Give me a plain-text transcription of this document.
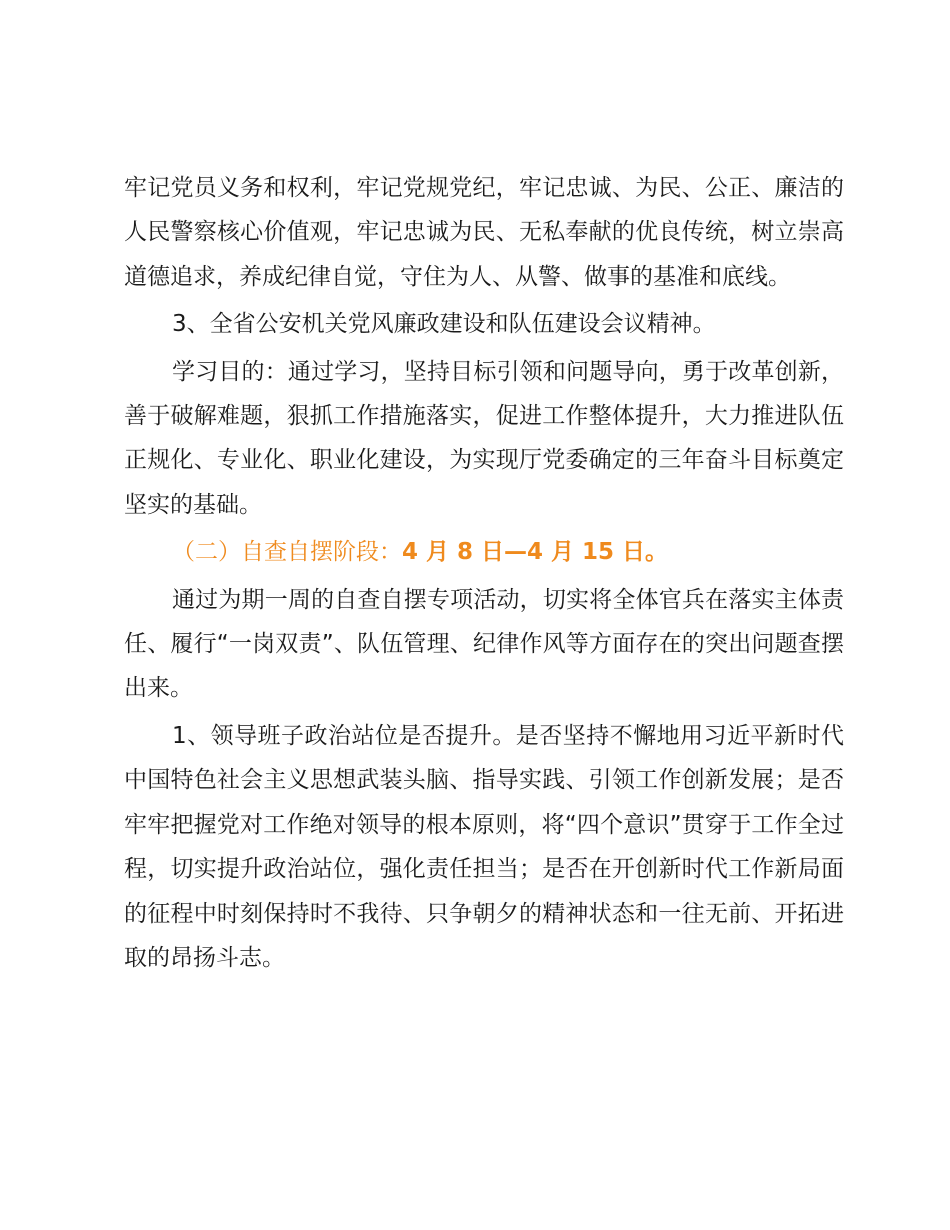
牢记党员义务和权利，牢记党规党纪，牢记忠诚、为民、公正、廉洁的人民警察核心价值观，牢记忠诚为民、无私奉献的优良传统，树立崇高道德追求，养成纪律自觉，守住为人、从警、做事的基准和底线。

3、全省公安机关党风廉政建设和队伍建设会议精神。

学习目的：通过学习，坚持目标引领和问题导向，勇于改革创新，善于破解难题，狠抓工作措施落实，促进工作整体提升，大力推进队伍正规化、专业化、职业化建设，为实现厅党委确定的三年奋斗目标奠定坚实的基础。

（二）自查自摆阶段：4 月 8 日—4 月 15 日。

通过为期一周的自查自摆专项活动，切实将全体官兵在落实主体责任、履行“一岗双责”、队伍管理、纪律作风等方面存在的突出问题查摆出来。

1、领导班子政治站位是否提升。是否坚持不懈地用习近平新时代中国特色社会主义思想武装头脑、指导实践、引领工作创新发展；是否牢牢把握党对工作绝对领导的根本原则，将“四个意识”贯穿于工作全过程，切实提升政治站位，强化责任担当；是否在开创新时代工作新局面的征程中时刻保持时不我待、只争朝夕的精神状态和一往无前、开拓进取的昂扬斗志。
